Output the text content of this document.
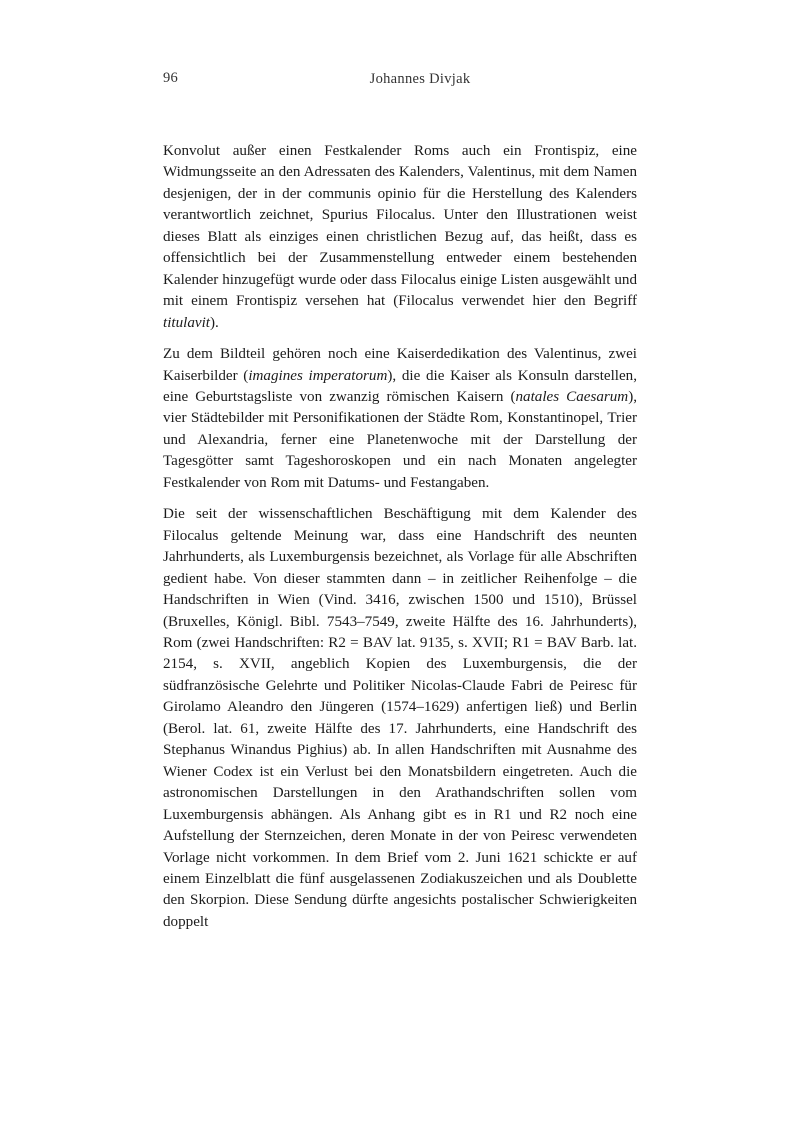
96	Johannes Divjak

Konvolut außer einen Festkalender Roms auch ein Frontispiz, eine Widmungsseite an den Adressaten des Kalenders, Valentinus, mit dem Namen desjenigen, der in der communis opinio für die Herstellung des Kalenders verantwortlich zeichnet, Spurius Filocalus. Unter den Illustrationen weist dieses Blatt als einziges einen christlichen Bezug auf, das heißt, dass es offensichtlich bei der Zusammenstellung entweder einem bestehenden Kalender hinzugefügt wurde oder dass Filocalus einige Listen ausgewählt und mit einem Frontispiz versehen hat (Filocalus verwendet hier den Begriff titulavit).

Zu dem Bildteil gehören noch eine Kaiserdedikation des Valentinus, zwei Kaiserbilder (imagines imperatorum), die die Kaiser als Konsuln darstellen, eine Geburtstagsliste von zwanzig römischen Kaisern (natales Caesarum), vier Städtebilder mit Personifikationen der Städte Rom, Konstantinopel, Trier und Alexandria, ferner eine Planetenwoche mit der Darstellung der Tagesgötter samt Tageshoroskopen und ein nach Monaten angelegter Festkalender von Rom mit Datums- und Festangaben.

Die seit der wissenschaftlichen Beschäftigung mit dem Kalender des Filocalus geltende Meinung war, dass eine Handschrift des neunten Jahrhunderts, als Luxemburgensis bezeichnet, als Vorlage für alle Abschriften gedient habe. Von dieser stammten dann – in zeitlicher Reihenfolge – die Handschriften in Wien (Vind. 3416, zwischen 1500 und 1510), Brüssel (Bruxelles, Königl. Bibl. 7543–7549, zweite Hälfte des 16. Jahrhunderts), Rom (zwei Handschriften: R2 = BAV lat. 9135, s. XVII; R1 = BAV Barb. lat. 2154, s. XVII, angeblich Kopien des Luxemburgensis, die der südfranzösische Gelehrte und Politiker Nicolas-Claude Fabri de Peiresc für Girolamo Aleandro den Jüngeren (1574–1629) anfertigen ließ) und Berlin (Berol. lat. 61, zweite Hälfte des 17. Jahrhunderts, eine Handschrift des Stephanus Winandus Pighius) ab. In allen Handschriften mit Ausnahme des Wiener Codex ist ein Verlust bei den Monatsbildern eingetreten. Auch die astronomischen Darstellungen in den Arathandschriften sollen vom Luxemburgensis abhängen. Als Anhang gibt es in R1 und R2 noch eine Aufstellung der Sternzeichen, deren Monate in der von Peiresc verwendeten Vorlage nicht vorkommen. In dem Brief vom 2. Juni 1621 schickte er auf einem Einzelblatt die fünf ausgelassenen Zodiakuszeichen und als Doublette den Skorpion. Diese Sendung dürfte angesichts postalischer Schwierigkeiten doppelt
